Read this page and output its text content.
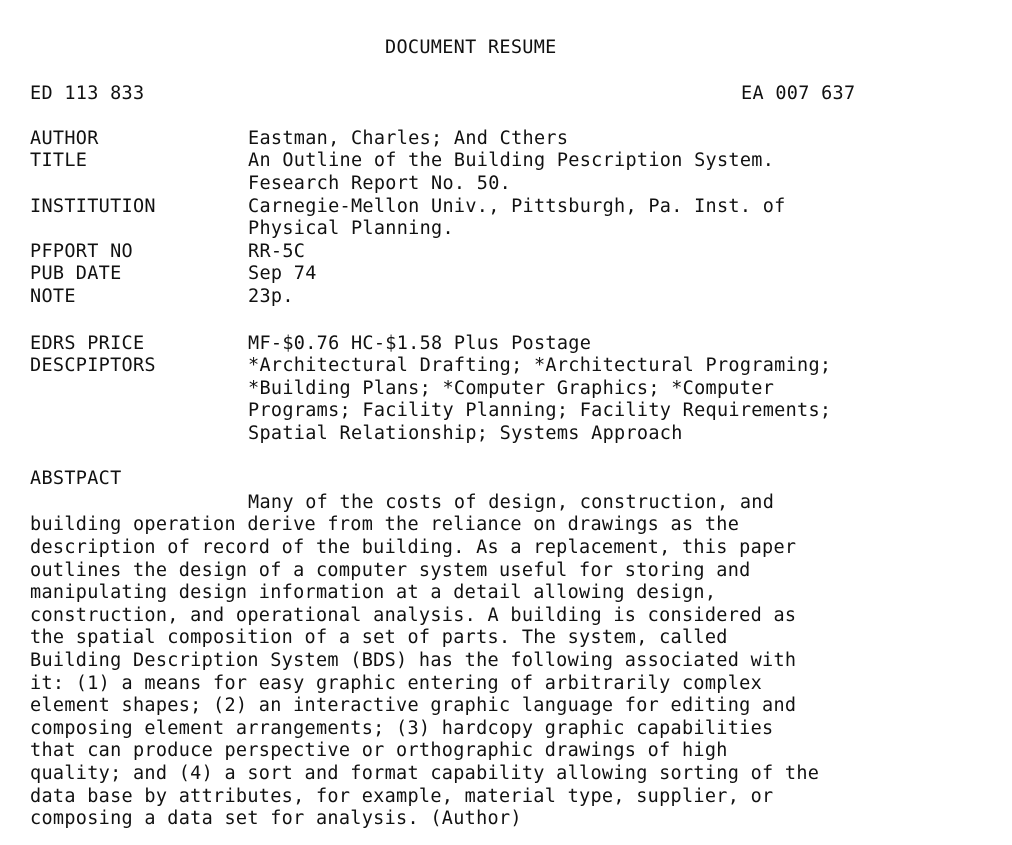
DOCUMENT RESUME
ED 113 833	EA 007 637
AUTHOR	Eastman, Charles; And Cthers
TITLE	An Outline of the Building Pescription System.
Fesearch Report No. 50.
INSTITUTION	Carnegie-Mellon Univ., Pittsburgh, Pa. Inst. of
Physical Planning.
PFPORT NO	RR-5C
PUB DATE	Sep 74
NOTE	23p.
EDRS PRICE	MF-$0.76 HC-$1.58 Plus Postage
DESCPIPTORS	*Architectural Drafting; *Architectural Programing;
*Building Plans; *Computer Graphics; *Computer
Programs; Facility Planning; Facility Requirements;
Spatial Relationship; Systems Approach
ABSTPACT
Many of the costs of design, construction, and
building operation derive from the reliance on drawings as the
description of record of the building. As a replacement, this paper
outlines the design of a computer system useful for storing and
manipulating design information at a detail allowing design,
construction, and operational analysis. A building is considered as
the spatial composition of a set of parts. The system, called
Building Description System (BDS) has the following associated with
it: (1) a means for easy graphic entering of arbitrarily complex
element shapes; (2) an interactive graphic language for editing and
composing element arrangements; (3) hardcopy graphic capabilities
that can produce perspective or orthographic drawings of high
quality; and (4) a sort and format capability allowing sorting of the
data base by attributes, for example, material type, supplier, or
composing a data set for analysis. (Author)
